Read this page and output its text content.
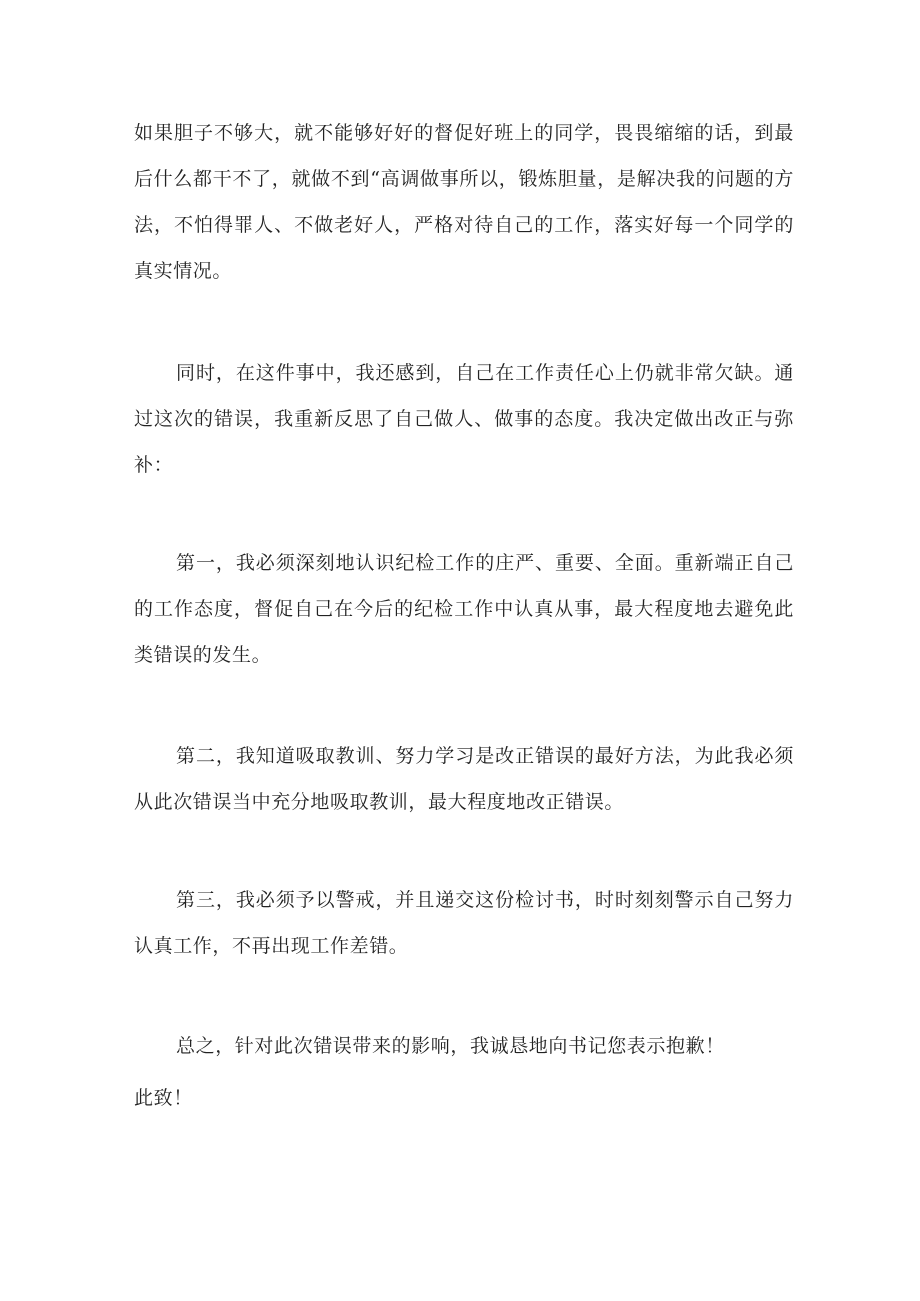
如果胆子不够大，就不能够好好的督促好班上的同学，畏畏缩缩的话，到最后什么都干不了，就做不到“高调做事所以，锻炼胆量，是解决我的问题的方法，不怕得罪人、不做老好人，严格对待自己的工作，落实好每一个同学的真实情况。

同时，在这件事中，我还感到，自己在工作责任心上仍就非常欠缺。通过这次的错误，我重新反思了自己做人、做事的态度。我决定做出改正与弥补：

第一，我必须深刻地认识纪检工作的庄严、重要、全面。重新端正自己的工作态度，督促自己在今后的纪检工作中认真从事，最大程度地去避免此类错误的发生。

第二，我知道吸取教训、努力学习是改正错误的最好方法，为此我必须从此次错误当中充分地吸取教训，最大程度地改正错误。

第三，我必须予以警戒，并且递交这份检讨书，时时刻刻警示自己努力认真工作，不再出现工作差错。

总之，针对此次错误带来的影响，我诚恳地向书记您表示抱歉！

此致！
